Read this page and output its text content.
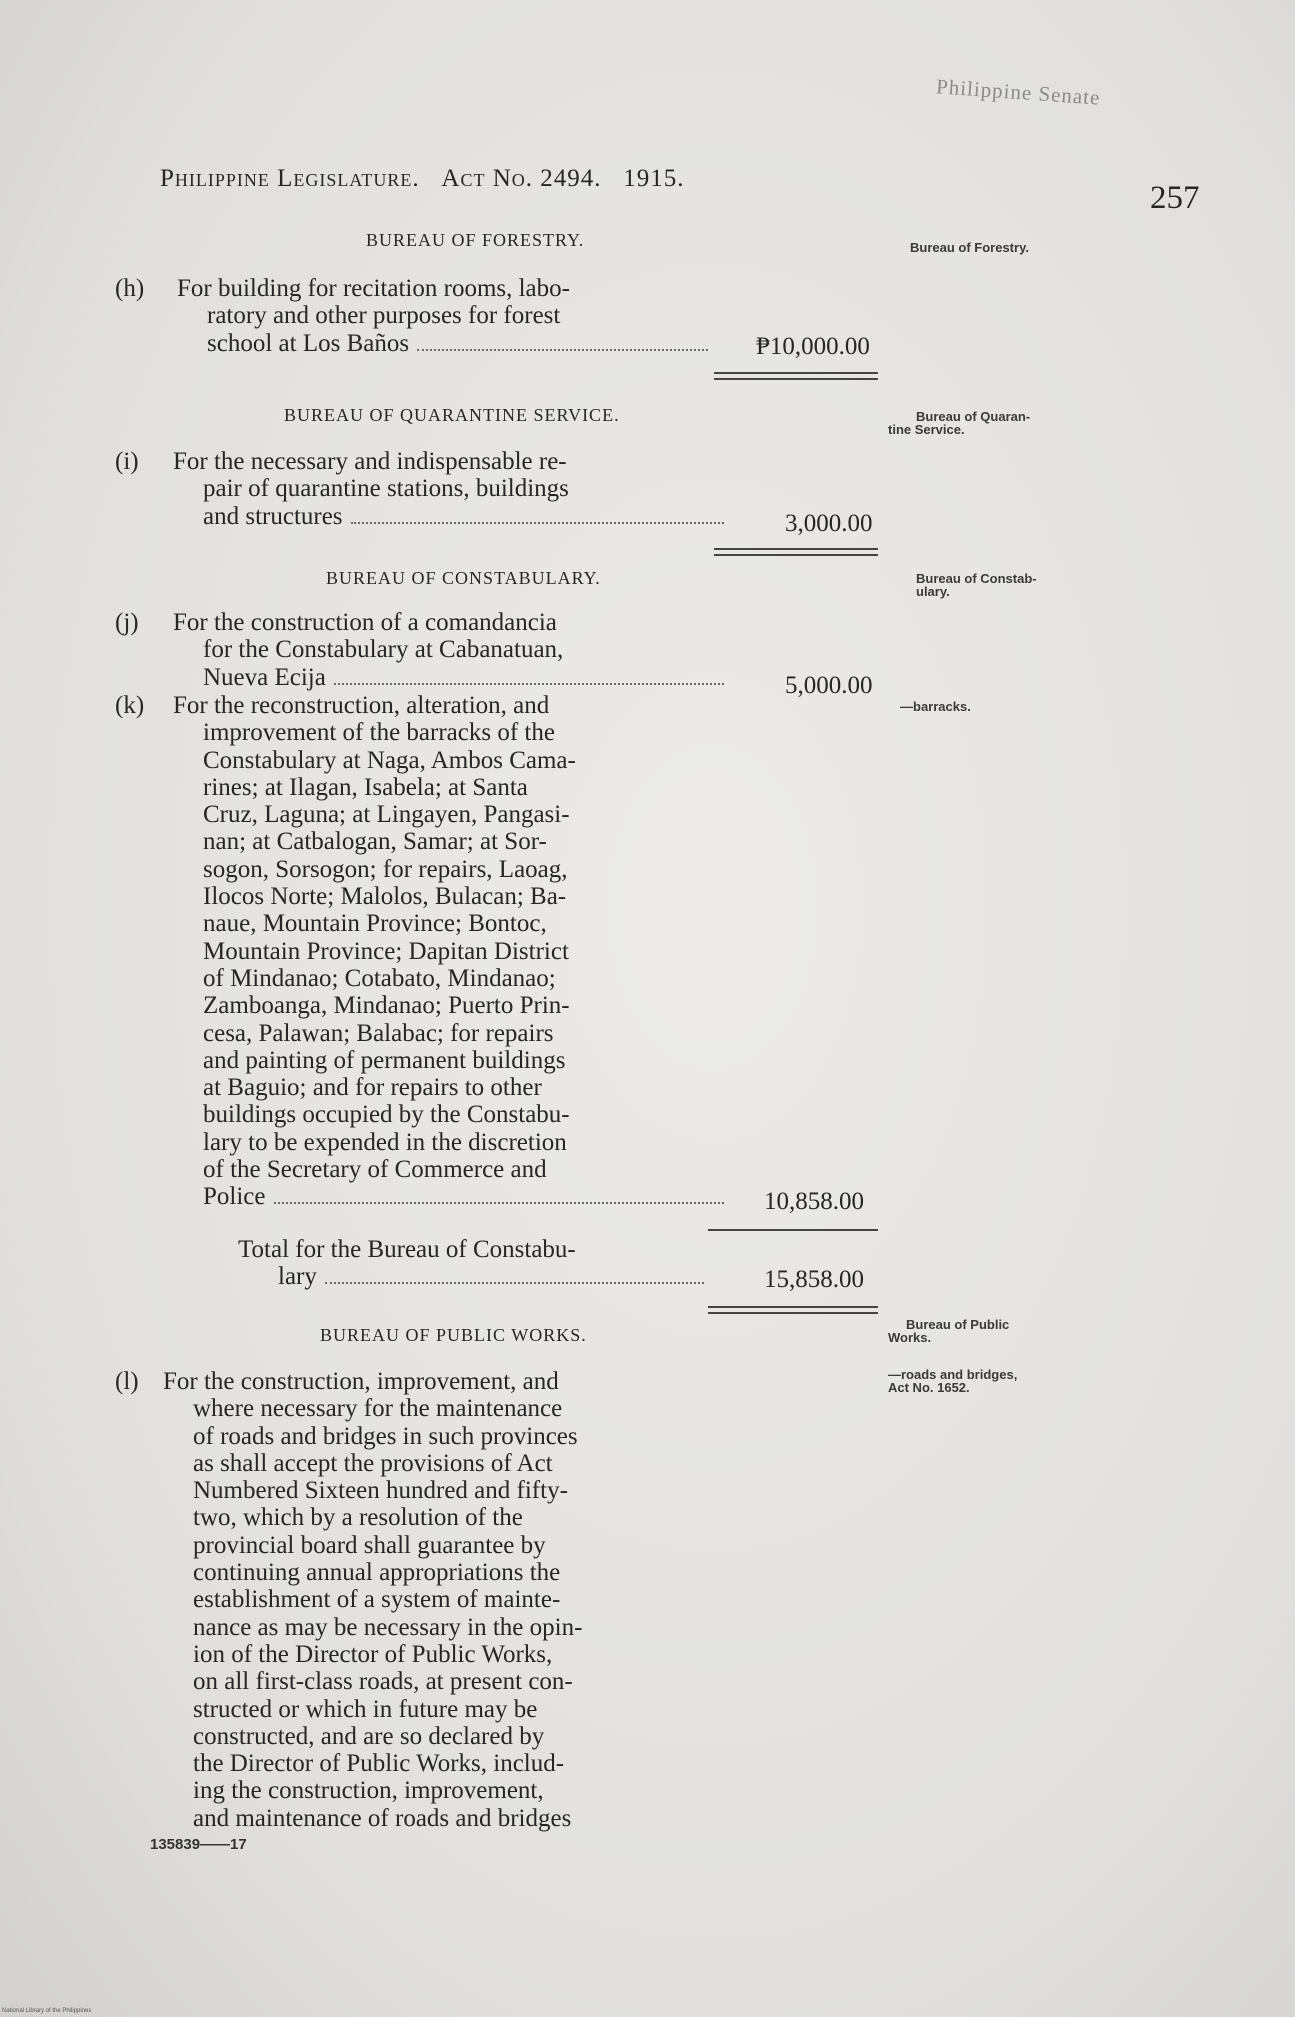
Philippine Senate
Philippine Legislature. Act No. 2494. 1915.
257
BUREAU OF FORESTRY.	Bureau of Forestry.
(h) For building for recitation rooms, labo-
ratory and other purposes for forest
school at Los Baños	₱10,000.00
BUREAU OF QUARANTINE SERVICE.	Bureau of Quaran-
tine Service.
(i) For the necessary and indispensable re-
pair of quarantine stations, buildings
and structures	3,000.00
BUREAU OF CONSTABULARY.	Bureau of Constab-
ulary.
(j) For the construction of a comandancia
for the Constabulary at Cabanatuan,
Nueva Ecija	5,000.00
—barracks.
(k) For the reconstruction, alteration, and
improvement of the barracks of the
Constabulary at Naga, Ambos Cama-
rines; at Ilagan, Isabela; at Santa
Cruz, Laguna; at Lingayen, Pangasi-
nan; at Catbalogan, Samar; at Sor-
sogon, Sorsogon; for repairs, Laoag,
Ilocos Norte; Malolos, Bulacan; Ba-
naue, Mountain Province; Bontoc,
Mountain Province; Dapitan District
of Mindanao; Cotabato, Mindanao;
Zamboanga, Mindanao; Puerto Prin-
cesa, Palawan; Balabac; for repairs
and painting of permanent buildings
at Baguio; and for repairs to other
buildings occupied by the Constabu-
lary to be expended in the discretion
of the Secretary of Commerce and
Police	10,858.00
Total for the Bureau of Constabu-
lary	15,858.00
BUREAU OF PUBLIC WORKS.
Bureau of Public
Works.
—roads and bridges,
Act No. 1652.
(l) For the construction, improvement, and
where necessary for the maintenance
of roads and bridges in such provinces
as shall accept the provisions of Act
Numbered Sixteen hundred and fifty-
two, which by a resolution of the
provincial board shall guarantee by
continuing annual appropriations the
establishment of a system of mainte-
nance as may be necessary in the opin-
ion of the Director of Public Works,
on all first-class roads, at present con-
structed or which in future may be
constructed, and are so declared by
the Director of Public Works, includ-
ing the construction, improvement,
and maintenance of roads and bridges
135839——17
National Library of the Philippines
